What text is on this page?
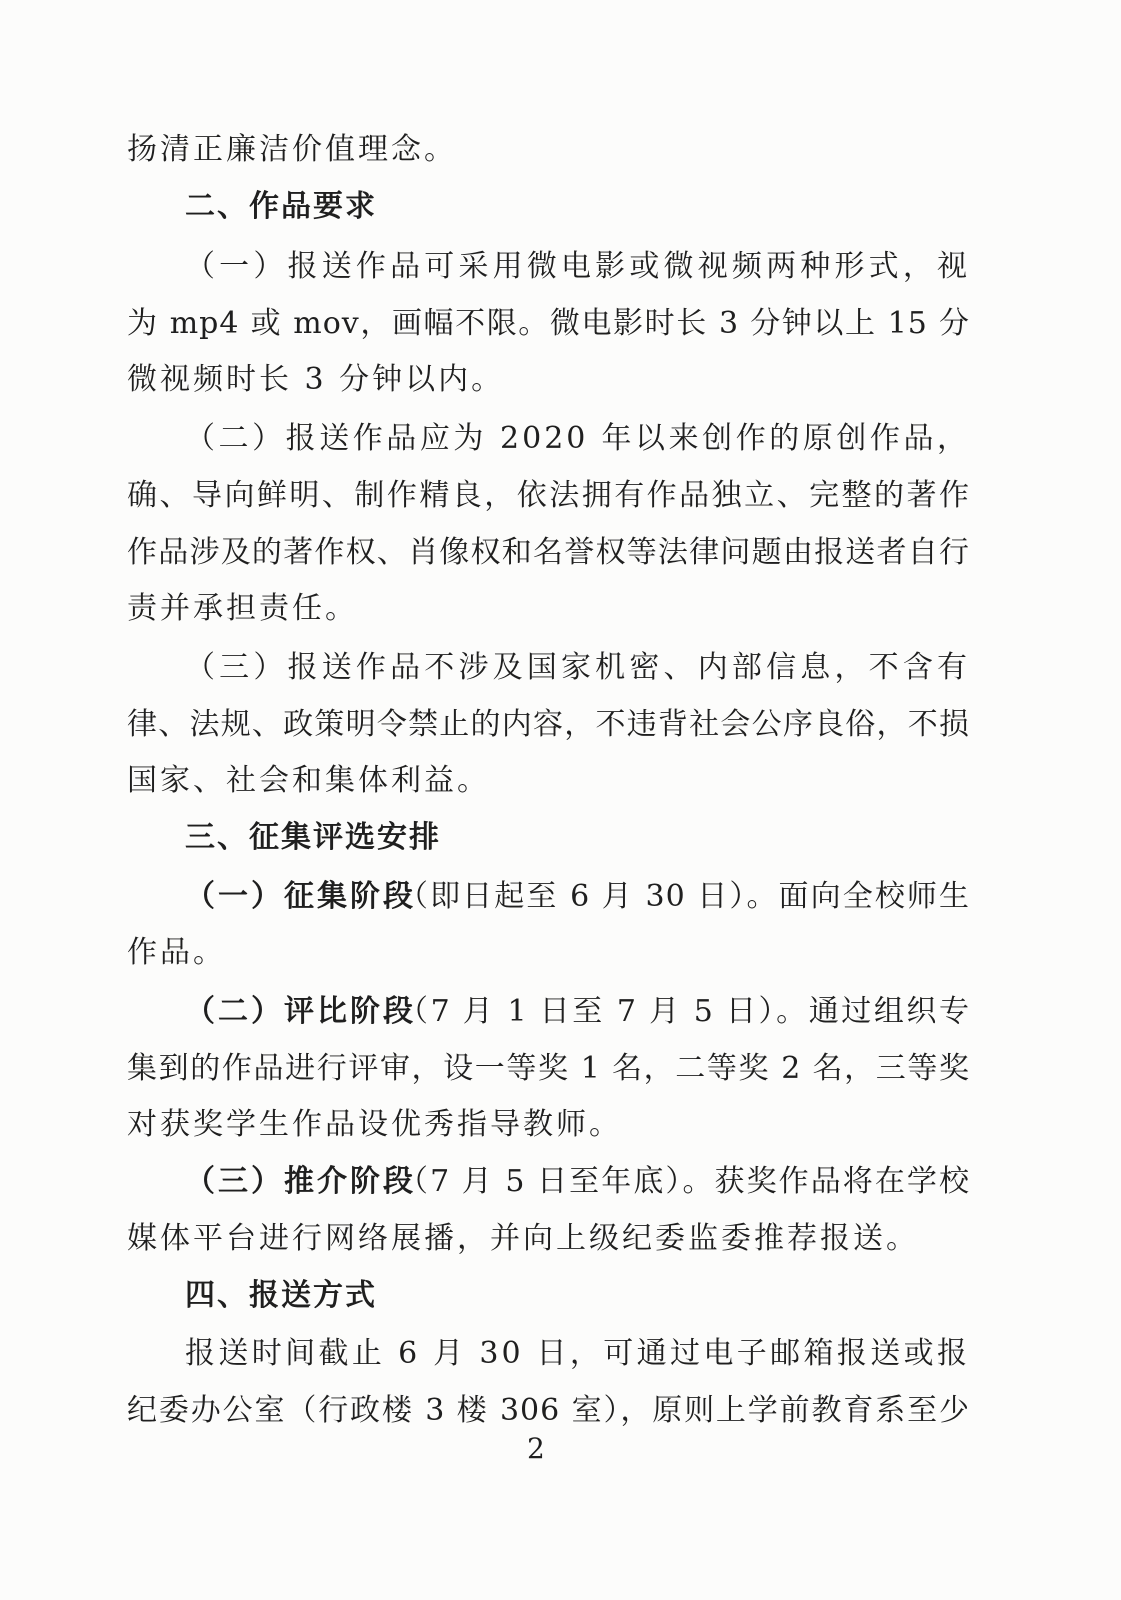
扬清正廉洁价值理念。
二、作品要求
（一）报送作品可采用微电影或微视频两种形式，视
为 mp4 或 mov，画幅不限。微电影时长 3 分钟以上 15 分
微视频时长 3 分钟以内。
（二）报送作品应为 2020 年以来创作的原创作品，
确、导向鲜明、制作精良，依法拥有作品独立、完整的著作
作品涉及的著作权、肖像权和名誉权等法律问题由报送者自行
责并承担责任。
（三）报送作品不涉及国家机密、内部信息，不含有
律、法规、政策明令禁止的内容，不违背社会公序良俗，不损
国家、社会和集体利益。
三、征集评选安排
（一）征集阶段
（即日起至 6 月 30 日）。面向全校师生
作品。
（二）评比阶段
（7 月 1 日至 7 月 5 日）。通过组织专
集到的作品进行评审，设一等奖 1 名，二等奖 2 名，三等奖
对获奖学生作品设优秀指导教师。
（三）推介阶段
（7 月 5 日至年底）。获奖作品将在学校
媒体平台进行网络展播，并向上级纪委监委推荐报送。
四、报送方式
报送时间截止 6 月 30 日，可通过电子邮箱报送或报
纪委办公室（行政楼 3 楼 306 室），原则上学前教育系至少
2
